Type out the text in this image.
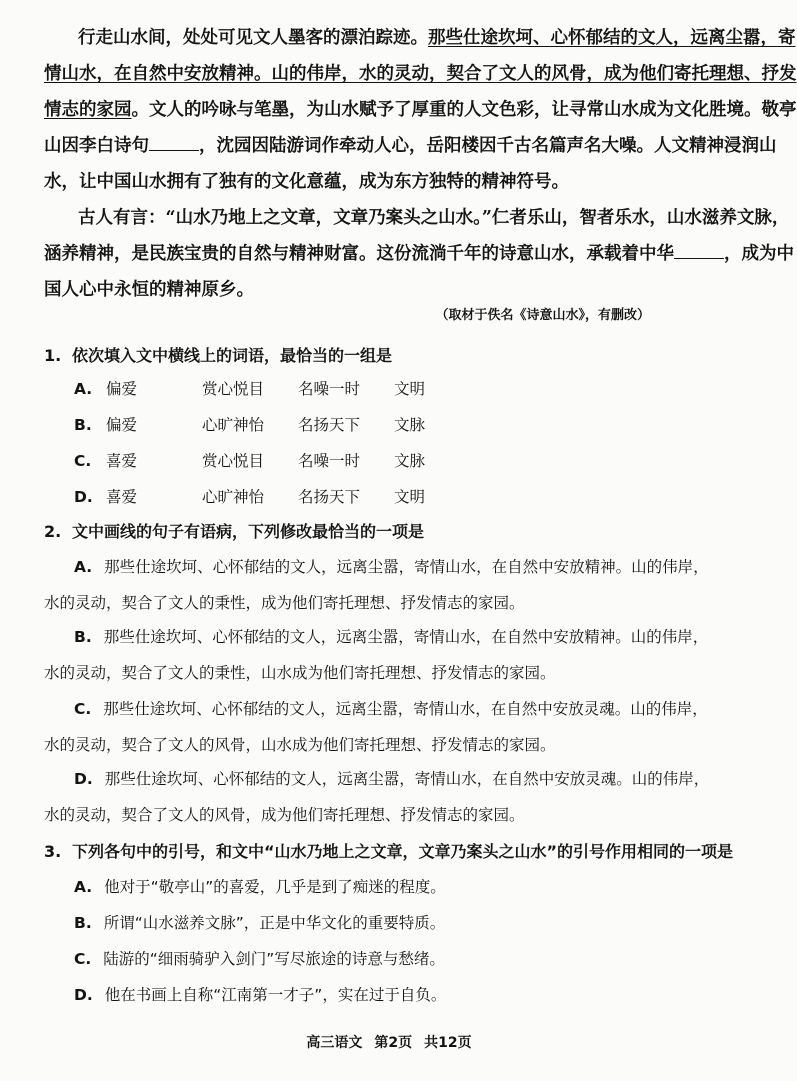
行走山水间，处处可见文人墨客的漂泊踪迹。那些仕途坎坷、心怀郁结的文人，远离尘嚣，寄
情山水，在自然中安放精神。山的伟岸，水的灵动，契合了文人的风骨，成为他们寄托理想、抒发
情志的家园。文人的吟咏与笔墨，为山水赋予了厚重的人文色彩，让寻常山水成为文化胜境。敬亭
山因李白诗句	，沈园因陆游词作牵动人心，岳阳楼因千古名篇声名大噪。人文精神浸润山
水，让中国山水拥有了独有的文化意蕴，成为东方独特的精神符号。
古人有言：“山水乃地上之文章，文章乃案头之山水。”仁者乐山，智者乐水，山水滋养文脉，
涵养精神，是民族宝贵的自然与精神财富。这份流淌千年的诗意山水，承载着中华	，成为中
国人心中永恒的精神原乡。
（取材于佚名《诗意山水》，有删改）
1. 依次填入文中横线上的词语，最恰当的一组是
A. 偏爱	赏心悦目 名噪一时 文明
B. 偏爱	心旷神怡 名扬天下 文脉
C. 喜爱	赏心悦目 名噪一时 文脉
D. 喜爱	心旷神怡 名扬天下 文明
2. 文中画线的句子有语病，下列修改最恰当的一项是
A. 那些仕途坎坷、心怀郁结的文人，远离尘嚣，寄情山水，在自然中安放精神。山的伟岸，
水的灵动，契合了文人的秉性，成为他们寄托理想、抒发情志的家园。
B. 那些仕途坎坷、心怀郁结的文人，远离尘嚣，寄情山水，在自然中安放精神。山的伟岸，
水的灵动，契合了文人的秉性，山水成为他们寄托理想、抒发情志的家园。
C. 那些仕途坎坷、心怀郁结的文人，远离尘嚣，寄情山水，在自然中安放灵魂。山的伟岸，
水的灵动，契合了文人的风骨，山水成为他们寄托理想、抒发情志的家园。
D. 那些仕途坎坷、心怀郁结的文人，远离尘嚣，寄情山水，在自然中安放灵魂。山的伟岸，
水的灵动，契合了文人的风骨，成为他们寄托理想、抒发情志的家园。
3. 下列各句中的引号，和文中“山水乃地上之文章，文章乃案头之山水”的引号作用相同的一项是
A. 他对于“敬亭山”的喜爱，几乎是到了痴迷的程度。
B. 所谓“山水滋养文脉”，正是中华文化的重要特质。
C. 陆游的“细雨骑驴入剑门”写尽旅途的诗意与愁绪。
D. 他在书画上自称“江南第一才子”，实在过于自负。
高三语文 第2页 共12页
